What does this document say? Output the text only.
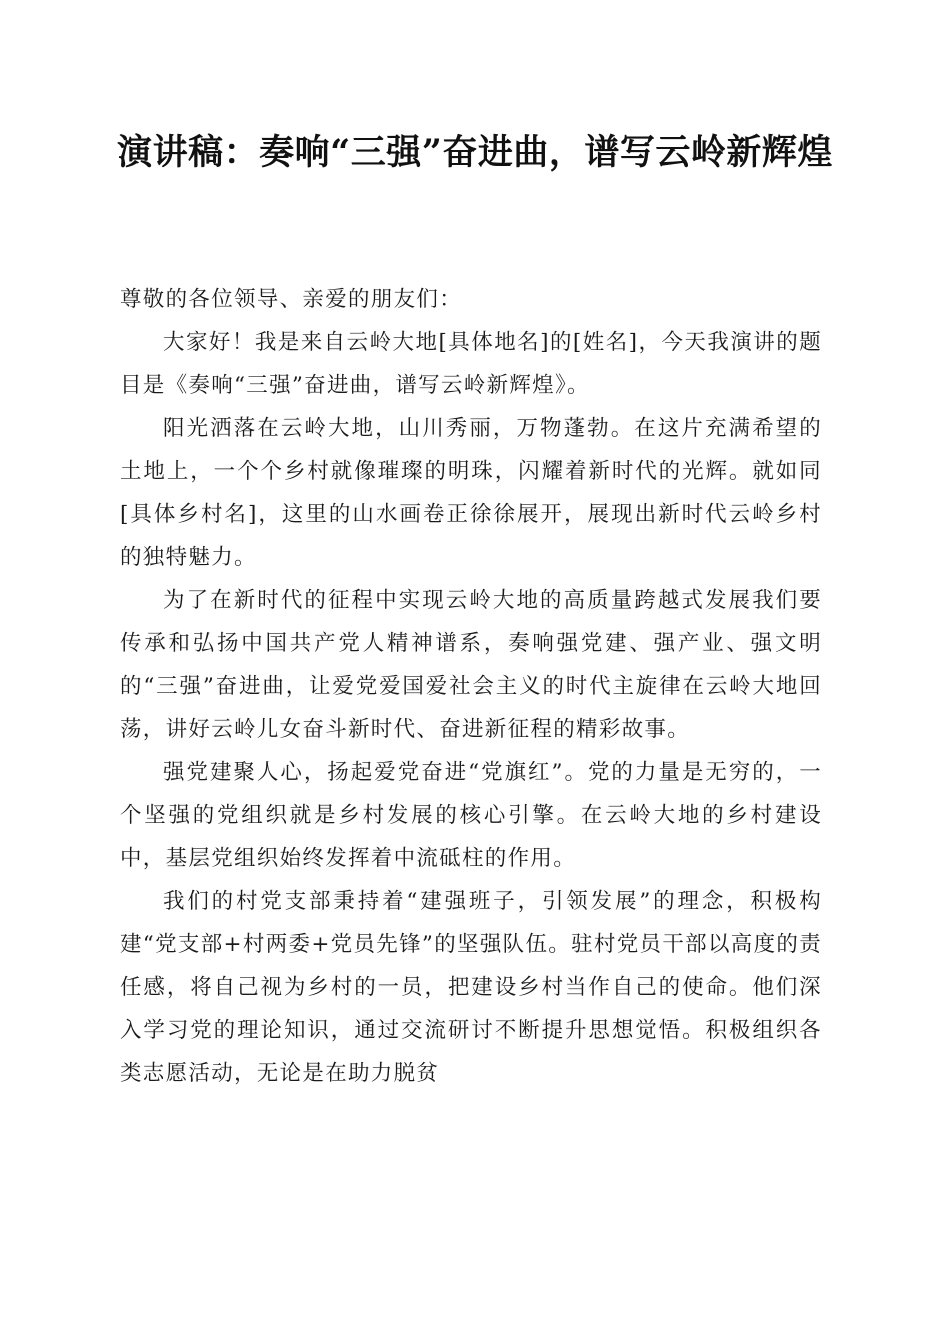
演讲稿：奏响“三强”奋进曲，谱写云岭新辉煌

尊敬的各位领导、亲爱的朋友们：

大家好！我是来自云岭大地[具体地名]的[姓名]，今天我演讲的题目是《奏响“三强”奋进曲，谱写云岭新辉煌》。

阳光洒落在云岭大地，山川秀丽，万物蓬勃。在这片充满希望的土地上，一个个乡村就像璀璨的明珠，闪耀着新时代的光辉。就如同[具体乡村名]，这里的山水画卷正徐徐展开，展现出新时代云岭乡村的独特魅力。

为了在新时代的征程中实现云岭大地的高质量跨越式发展我们要传承和弘扬中国共产党人精神谱系，奏响强党建、强产业、强文明的“三强”奋进曲，让爱党爱国爱社会主义的时代主旋律在云岭大地回荡，讲好云岭儿女奋斗新时代、奋进新征程的精彩故事。

强党建聚人心，扬起爱党奋进“党旗红”。党的力量是无穷的，一个坚强的党组织就是乡村发展的核心引擎。在云岭大地的乡村建设中，基层党组织始终发挥着中流砥柱的作用。

我们的村党支部秉持着“建强班子，引领发展”的理念，积极构建“党支部+村两委+党员先锋”的坚强队伍。驻村党员干部以高度的责任感，将自己视为乡村的一员，把建设乡村当作自己的使命。他们深入学习党的理论知识，通过交流研讨不断提升思想觉悟。积极组织各类志愿活动，无论是在助力脱贫
